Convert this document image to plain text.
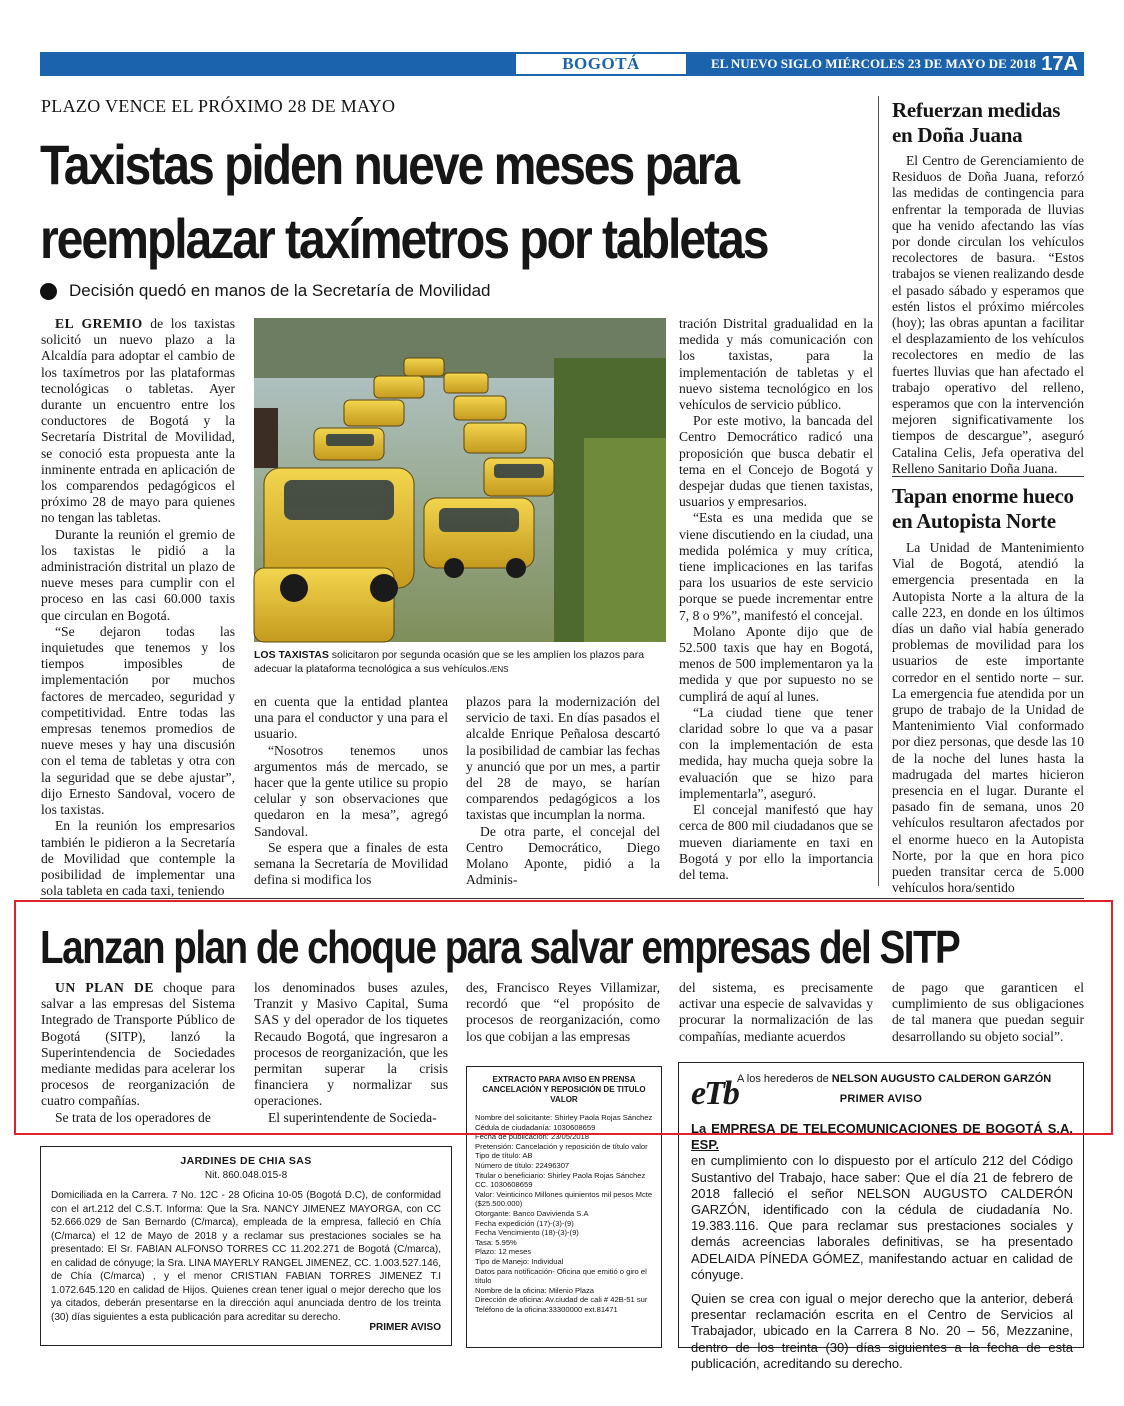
BOGOTÁ	EL NUEVO SIGLO MIÉRCOLES 23 DE MAYO DE 2018 17A
PLAZO VENCE EL PRÓXIMO 28 DE MAYO
Taxistas piden nueve meses para
reemplazar taxímetros por tabletas
Decisión quedó en manos de la Secretaría de Movilidad

EL GREMIO de los taxistas solicitó un nuevo plazo a la Alcaldía para adoptar el cambio de los taxímetros por las plataformas tecnológicas o tabletas. Ayer durante un encuentro entre los conductores de Bogotá y la Secretaría Distrital de Movilidad, se conoció esta propuesta ante la inminente entrada en aplicación de los comparendos pedagógicos el próximo 28 de mayo para quienes no tengan las tabletas.

Durante la reunión el gremio de los taxistas le pidió a la administración distrital un plazo de nueve meses para cumplir con el proceso en las casi 60.000 taxis que circulan en Bogotá.

“Se dejaron todas las inquietudes que tenemos y los tiempos imposibles de implementación por muchos factores de mercadeo, seguridad y competitividad. Entre todas las empresas tenemos promedios de nueve meses y hay una discusión con el tema de tabletas y otra con la seguridad que se debe ajustar”, dijo Ernesto Sandoval, vocero de los taxistas.

En la reunión los empresarios también le pidieron a la Secretaría de Movilidad que contemple la posibilidad de implementar una sola tableta en cada taxi, teniendo

LOS TAXISTAS solicitaron por segunda ocasión que se les amplíen los plazos para adecuar la plataforma tecnológica a sus vehículos./ENS

en cuenta que la entidad plantea una para el conductor y una para el usuario.

“Nosotros tenemos unos argumentos más de mercado, se hacer que la gente utilice su propio celular y son observaciones que quedaron en la mesa”, agregó Sandoval.

Se espera que a finales de esta semana la Secretaría de Movilidad defina si modifica los

plazos para la modernización del servicio de taxi. En días pasados el alcalde Enrique Peñalosa descartó la posibilidad de cambiar las fechas y anunció que por un mes, a partir del 28 de mayo, se harían comparendos pedagógicos a los taxistas que incumplan la norma.

De otra parte, el concejal del Centro Democrático, Diego Molano Aponte, pidió a la Adminis-

tración Distrital gradualidad en la medida y más comunicación con los taxistas, para la implementación de tabletas y el nuevo sistema tecnológico en los vehículos de servicio público.

Por este motivo, la bancada del Centro Democrático radicó una proposición que busca debatir el tema en el Concejo de Bogotá y despejar dudas que tienen taxistas, usuarios y empresarios.

“Esta es una medida que se viene discutiendo en la ciudad, una medida polémica y muy crítica, tiene implicaciones en las tarifas para los usuarios de este servicio porque se puede incrementar entre 7, 8 o 9%”, manifestó el concejal.

Molano Aponte dijo que de 52.500 taxis que hay en Bogotá, menos de 500 implementaron ya la medida y que por supuesto no se cumplirá de aquí al lunes.

“La ciudad tiene que tener claridad sobre lo que va a pasar con la implementación de esta medida, hay mucha queja sobre la evaluación que se hizo para implementarla”, aseguró.

El concejal manifestó que hay cerca de 800 mil ciudadanos que se mueven diariamente en taxi en Bogotá y por ello la importancia del tema.

Refuerzan medidas
en Doña Juana

El Centro de Gerenciamiento de Residuos de Doña Juana, reforzó las medidas de contingencia para enfrentar la temporada de lluvias que ha venido afectando las vías por donde circulan los vehículos recolectores de basura. “Estos trabajos se vienen realizando desde el pasado sábado y esperamos que estén listos el próximo miércoles (hoy); las obras apuntan a facilitar el desplazamiento de los vehículos recolectores en medio de las fuertes lluvias que han afectado el trabajo operativo del relleno, esperamos que con la intervención mejoren significativamente los tiempos de descargue”, aseguró Catalina Celis, Jefa operativa del Relleno Sanitario Doña Juana.

Tapan enorme hueco
en Autopista Norte

La Unidad de Mantenimiento Vial de Bogotá, atendió la emergencia presentada en la Autopista Norte a la altura de la calle 223, en donde en los últimos días un daño vial había generado problemas de movilidad para los usuarios de este importante corredor en el sentido norte – sur. La emergencia fue atendida por un grupo de trabajo de la Unidad de Mantenimiento Vial conformado por diez personas, que desde las 10 de la noche del lunes hasta la madrugada del martes hicieron presencia en el lugar. Durante el pasado fin de semana, unos 20 vehículos resultaron afectados por el enorme hueco en la Autopista Norte, por la que en hora pico pueden transitar cerca de 5.000 vehículos hora/sentido

Lanzan plan de choque para salvar empresas del SITP

UN PLAN DE choque para salvar a las empresas del Sistema Integrado de Transporte Público de Bogotá (SITP), lanzó la Superintendencia de Sociedades mediante medidas para acelerar los procesos de reorganización de cuatro compañías.

Se trata de los operadores de

los denominados buses azules, Tranzit y Masivo Capital, Suma SAS y del operador de los tiquetes Recaudo Bogotá, que ingresaron a procesos de reorganización, que les permitan superar la crisis financiera y normalizar sus operaciones.

El superintendente de Socieda-

des, Francisco Reyes Villamizar, recordó que “el propósito de procesos de reorganización, como los que cobijan a las empresas

del sistema, es precisamente activar una especie de salvavidas y procurar la normalización de las compañías, mediante acuerdos

de pago que garanticen el cumplimiento de sus obligaciones de tal manera que puedan seguir desarrollando su objeto social”.

JARDINES DE CHIA SAS
Nit. 860.048.015-8
Domiciliada en la Carrera. 7 No. 12C - 28 Oficina 10-05 (Bogotá D.C), de conformidad con el art.212 del C.S.T. Informa: Que la Sra. NANCY JIMENEZ MAYORGA, con CC 52.666.029 de San Bernardo (C/marca), empleada de la empresa, falleció en Chía (C/marca) el 12 de Mayo de 2018 y a reclamar sus prestaciones sociales se ha presentado: El Sr. FABIAN ALFONSO TORRES CC 11.202.271 de Bogotá (C/marca), en calidad de cónyuge; la Sra. LINA MAYERLY RANGEL JIMENEZ, CC. 1.003.527.146, de Chía (C/marca) , y el menor CRISTIAN FABIAN TORRES JIMENEZ T.I 1.072.645.120 en calidad de Hijos. Quienes crean tener igual o mejor derecho que los ya citados, deberán presentarse en la dirección aquí anunciada dentro de los treinta (30) días siguientes a esta publicación para acreditar su derecho.
PRIMER AVISO
EXTRACTO PARA AVISO EN PRENSA CANCELACIÓN Y REPOSICIÓN DE TITULO VALOR
Nombre del solicitante: Shirley Paola Rojas Sánchez
Cédula de ciudadanía: 1030608659
Fecha de publicación: 23/05/2018
Pretensión: Cancelación y reposición de título valor
Tipo de título: AB
Número de título: 22496307
Titular o beneficiario: Shirley Paola Rojas Sánchez
CC. 1030608659
Valor: Veinticinco Millones quinientos mil pesos Mcte ($25.500.000)
Otorgante: Banco Davivienda S.A
Fecha expedición (17)-(3)-(9)
Fecha Vencimiento (18)-(3)-(9)
Tasa: 5.95%
Plazo: 12 meses
Tipo de Manejo: Individual
Datos para notificación- Oficina que emitió o giro el título
Nombre de la oficina: Milenio Plaza
Dirección de oficina: Av.ciudad de cali # 42B-51 sur
Teléfono de la oficina:33300000 ext.81471
eTb A los herederos de NELSON AUGUSTO CALDERON GARZÓN
PRIMER AVISO
La EMPRESA DE TELECOMUNICACIONES DE BOGOTÁ S.A. ESP.

en cumplimiento con lo dispuesto por el artículo 212 del Código Sustantivo del Trabajo, hace saber: Que el día 21 de febrero de 2018 falleció el señor NELSON AUGUSTO CALDERÓN GARZÓN, identificado con la cédula de ciudadanía No. 19.383.116. Que para reclamar sus prestaciones sociales y demás acreencias laborales definitivas, se ha presentado ADELAIDA PÍNEDA GÓMEZ, manifestando actuar en calidad de cónyuge.

Quien se crea con igual o mejor derecho que la anterior, deberá presentar reclamación escrita en el Centro de Servicios al Trabajador, ubicado en la Carrera 8 No. 20 – 56, Mezzanine, dentro de los treinta (30) días siguientes a la fecha de esta publicación, acreditando su derecho.
